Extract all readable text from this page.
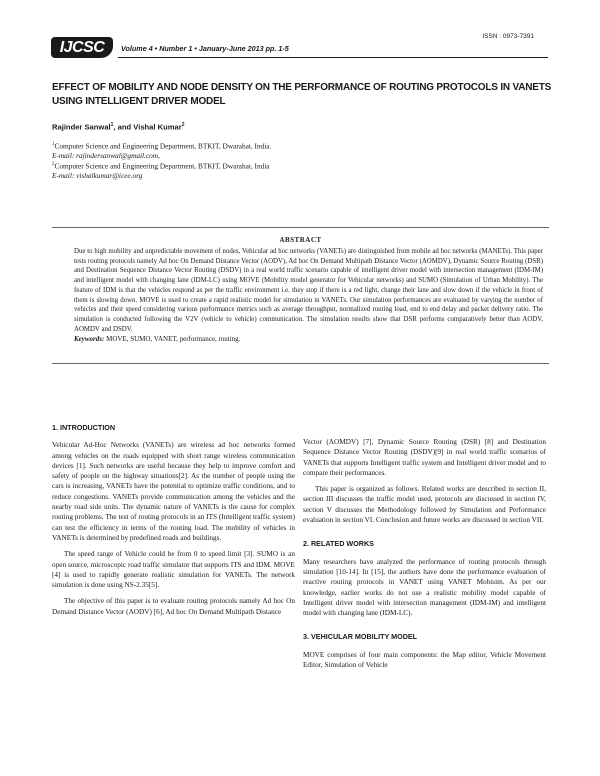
ISSN : 0973-7391
IJCSC	Volume 4 • Number 1 • January-June 2013 pp. 1-5
EFFECT OF MOBILITY AND NODE DENSITY ON THE PERFORMANCE OF ROUTING PROTOCOLS IN VANETS USING INTELLIGENT DRIVER MODEL
Rajinder Sanwal$^1$, and Vishal Kumar$^2$
$^1$Computer Science and Engineering Department, BTKIT, Dwarahat, India.
E-mail: rajindersanwal@gmail.com,
$^2$Computer Science and Engineering Department, BTKIT, Dwarahat, India
E-mail: vishalkumar@icee.org
ABSTRACT
Due to high mobility and unpredictable movement of nodes, Vehicular ad hoc networks (VANETs) are distinguished from mobile ad hoc networks (MANETs). This paper tests routing protocols namely Ad hoc On Demand Distance Vector (AODV), Ad hoc On Demand Multipath Distance Vector (AOMDV), Dynamic Source Routing (DSR) and Destination Sequence Distance Vector Routing (DSDV) in a real world traffic scenario capable of intelligent driver model with intersection management (IDM-IM) and intelligent model with changing lane (IDM-LC) using MOVE (Mobility model generator for Vehicular networks) and SUMO (Simulation of Urban Mobility). The feature of IDM is that the vehicles respond as per the traffic environment i.e. they stop if there is a red light, change their lane and slow down if the vehicle in front of them is slowing down. MOVE is used to create a rapid realistic model for simulation in VANETs. Our simulation performances are evaluated by varying the number of vehicles and their speed considering various performance metrics such as average throughput, normalized routing load, end to end delay and packet delivery ratio. The simulation is conducted following the V2V (vehicle to vehicle) communication. The simulation results show that DSR performs comparatively better than AODV, AOMDV and DSDV.
Keywords: MOVE, SUMO, VANET, performance, routing.
1. INTRODUCTION

Vehicular Ad-Hoc Networks (VANETs) are wireless ad hoc networks formed among vehicles on the roads equipped with short range wireless communication devices [1]. Such networks are useful because they help to improve comfort and safety of people on the highway situations[2]. As the number of people using the cars is increasing, VANETs have the potential to optimize traffic conditions, and to reduce congestions. VANETs provide communication among the vehicles and the nearby road side units. The dynamic nature of VANETs is the cause for complex routing problems. The test of routing protocols in an ITS (Intelligent traffic system) can test the efficiency in terms of the routing load. The mobility of vehicles in VANETs is determined by predefined roads and buildings.

The speed range of Vehicle could be from 0 to speed limit [3]. SUMO is an open source, microscopic road traffic simulator that supports ITS and IDM. MOVE [4] is used to rapidly generate realistic simulation for VANETs. The network simulation is done using NS-2.35[5].

The objective of this paper is to evaluate routing protocols namely Ad hoc On Demand Distance Vector (AODV) [6], Ad hoc On Demand Multipath Distance

Vector (AOMDV) [7], Dynamic Source Routing (DSR) [8] and Destination Sequence Distance Vector Routing (DSDV)[9] in real world traffic scenarios of VANETs that supports Intelligent traffic system and Intelligent driver model and to compare their performances.

This paper is organized as follows. Related works are described in section II, section III discusses the traffic model used, protocols are discussed in section IV, section V discusses the Methodology followed by Simulation and Performance evaluation in section VI. Conclusion and future works are discussed in section VII.

2. RELATED WORKS

Many researchers have analyzed the performance of routing protocols through simulation [10-14]. In [15], the authors have done the performance evaluation of reactive routing protocols in VANET using VANET Mobisim. As per our knowledge, earlier works do not use a realistic mobility model capable of Intelligent driver model with intersection management (IDM-IM) and intelligent model with changing lane (IDM-LC).

3. VEHICULAR MOBILITY MODEL

MOVE comprises of four main components: the Map editor, Vehicle Movement Editor, Simulation of Vehicle
